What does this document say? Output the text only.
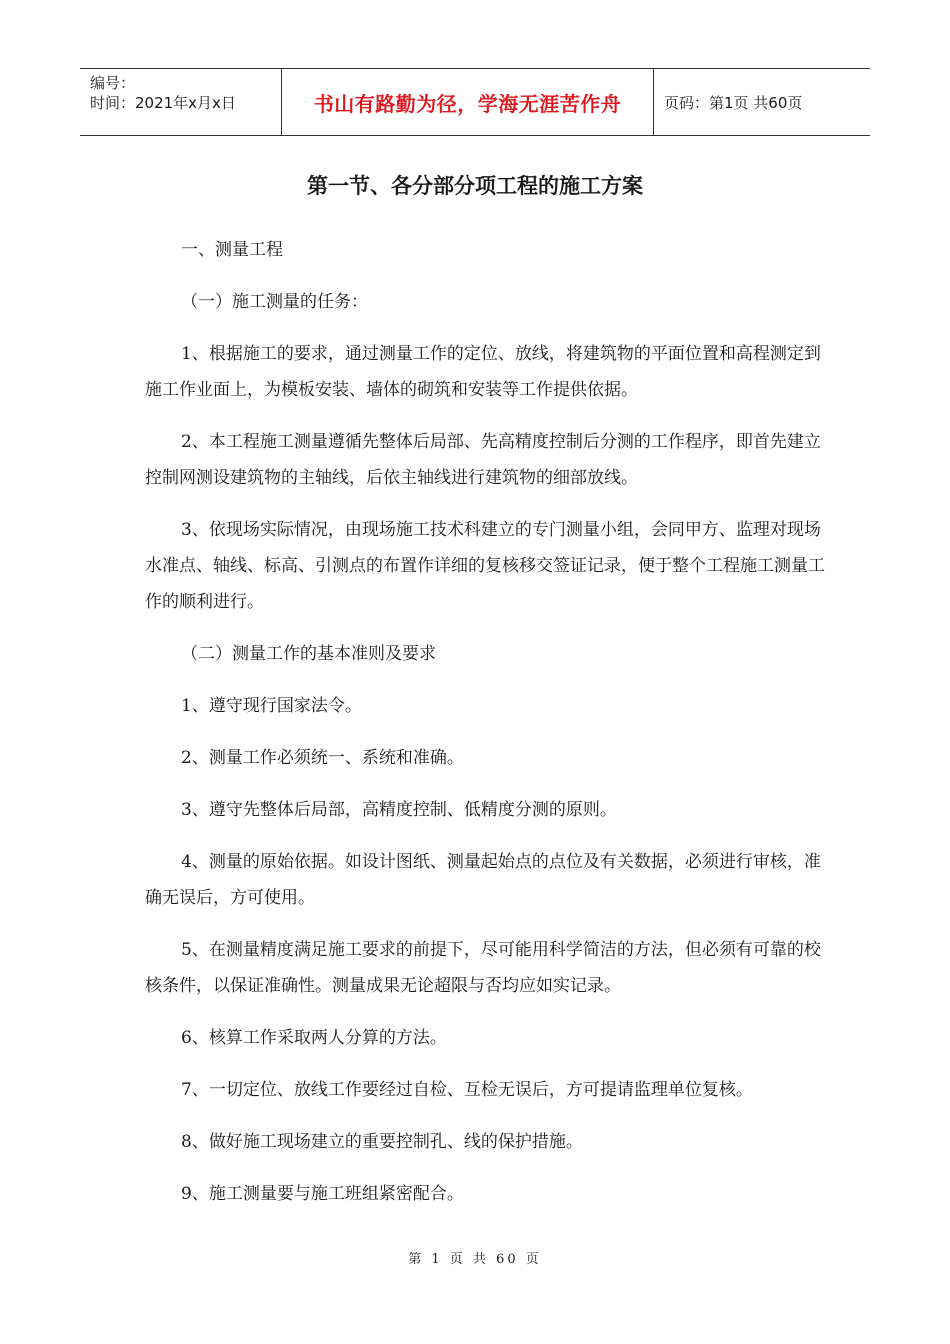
编号：
时间：2021年x月x日	书山有路勤为径，学海无涯苦作舟	页码：第1页 共60页
第一节、各分部分项工程的施工方案

一、测量工程

（一）施工测量的任务：

1、根据施工的要求，通过测量工作的定位、放线，将建筑物的平面位置和高程测定到施工作业面上，为模板安装、墙体的砌筑和安装等工作提供依据。

2、本工程施工测量遵循先整体后局部、先高精度控制后分测的工作程序，即首先建立控制网测设建筑物的主轴线，后依主轴线进行建筑物的细部放线。

3、依现场实际情况，由现场施工技术科建立的专门测量小组，会同甲方、监理对现场水准点、轴线、标高、引测点的布置作详细的复核移交签证记录，便于整个工程施工测量工作的顺利进行。

（二）测量工作的基本准则及要求

1、遵守现行国家法令。

2、测量工作必须统一、系统和准确。

3、遵守先整体后局部，高精度控制、低精度分测的原则。

4、测量的原始依据。如设计图纸、测量起始点的点位及有关数据，必须进行审核，准确无误后，方可使用。

5、在测量精度满足施工要求的前提下，尽可能用科学简洁的方法，但必须有可靠的校核条件，以保证准确性。测量成果无论超限与否均应如实记录。

6、核算工作采取两人分算的方法。

7、一切定位、放线工作要经过自检、互检无误后，方可提请监理单位复核。

8、做好施工现场建立的重要控制孔、线的保护措施。

9、施工测量要与施工班组紧密配合。

第 1 页 共 60 页
